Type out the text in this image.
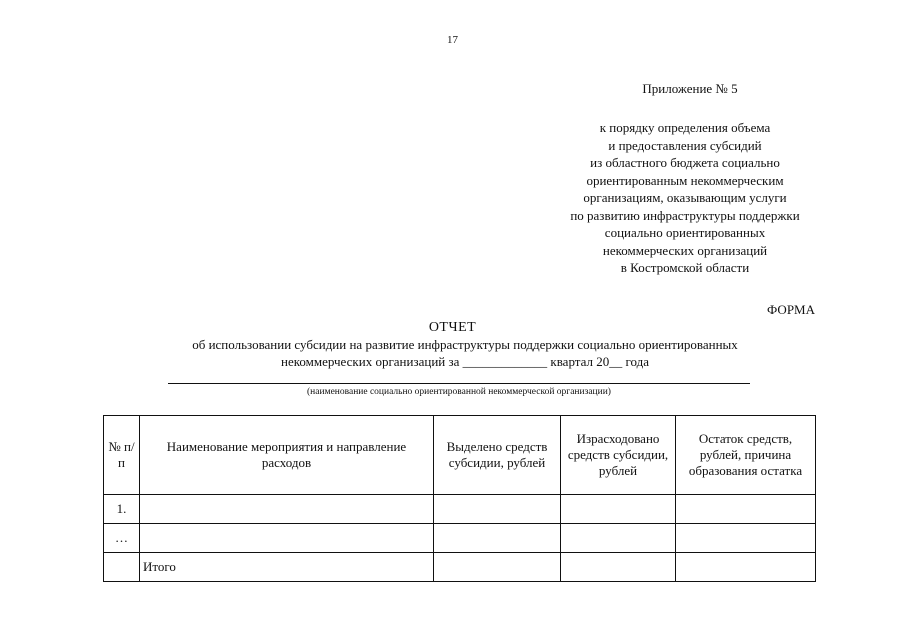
17
Приложение № 5
к порядку определения объема
и предоставления субсидий
из областного бюджета социально
ориентированным некоммерческим
организациям, оказывающим услуги
по развитию инфраструктуры поддержки
социально ориентированных
некоммерческих организаций
в Костромской области
ФОРМА
ОТЧЕТ
об использовании субсидии на развитие инфраструктуры поддержки социально ориентированных
некоммерческих организаций за _____________ квартал 20__ года
(наименование социально ориентированной некоммерческой организации)
№ п/п	Наименование мероприятия и направление расходов	Выделено средств субсидии, рублей	Израсходовано средств субсидии, рублей	Остаток средств, рублей, причина образования остатка
1.				
…				
	Итого			
